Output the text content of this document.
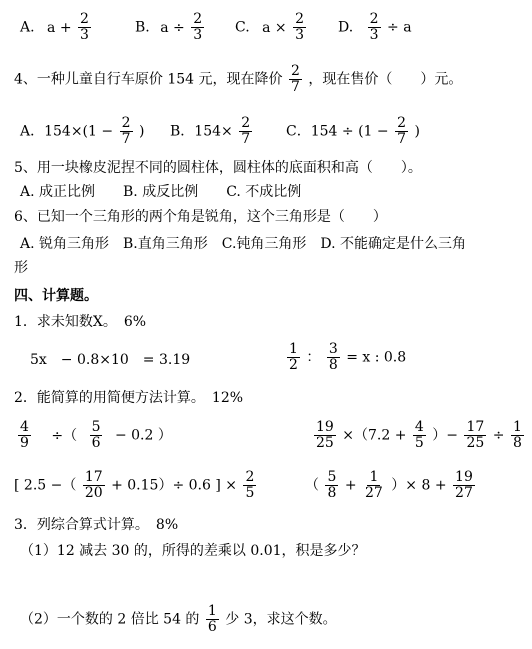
A. $a + \frac{2}{3}$	B. $a \div \frac{2}{3} C$. $a \times \frac{2}{3} D$. $\frac{2}{3} \div a$
4、一种儿童自行车原价 154 元，现在降价 $\frac{2}{7}$ ，现在售价（　　）元。
A．$154\times(1 - \frac{2}{7}$ ) B．$154\times \frac{2}{7}$ C．$154 \div (1 - \frac{2}{7}$ )
5、用一块橡皮泥捏不同的圆柱体，圆柱体的底面积和高（　　）。
A. 成正比例　　B. 成反比例　　C. 不成比例
6、已知一个三角形的两个角是锐角，这个三角形是（　　）
A. 锐角三角形　B.直角三角形　C.钝角三角形　D. 不能确定是什么三角
形
四、计算题。
1．求未知数X。　6%
5x　− 0.8×10　= 3.19	$\frac{1}{2}$ ： $\frac{3}{8} = x$ : 0.8
2．能简算的用简便方法计算。　12%
$\frac{4}{9}$ ÷（ $\frac{5}{6} - 0.2$ ）	$\frac{19}{25} \times(7.2 + \frac{4}{5}$ ）− $\frac{17}{25} \div \frac{1}{8}$
[ 2.5 −（ $\frac{17}{20} + 0.15)\div 0.6$ ] × $\frac{2}{5}$	（ $\frac{5}{8} + \frac{1}{27}$ ）× $8 + \frac{19}{27}$
3．列综合算式计算。　8%
（1）12 减去 30 的，所得的差乘以 0.01，积是多少？
（2）一个数的 2 倍比 54 的 $\frac{1}{6}$ 少 3，求这个数。
